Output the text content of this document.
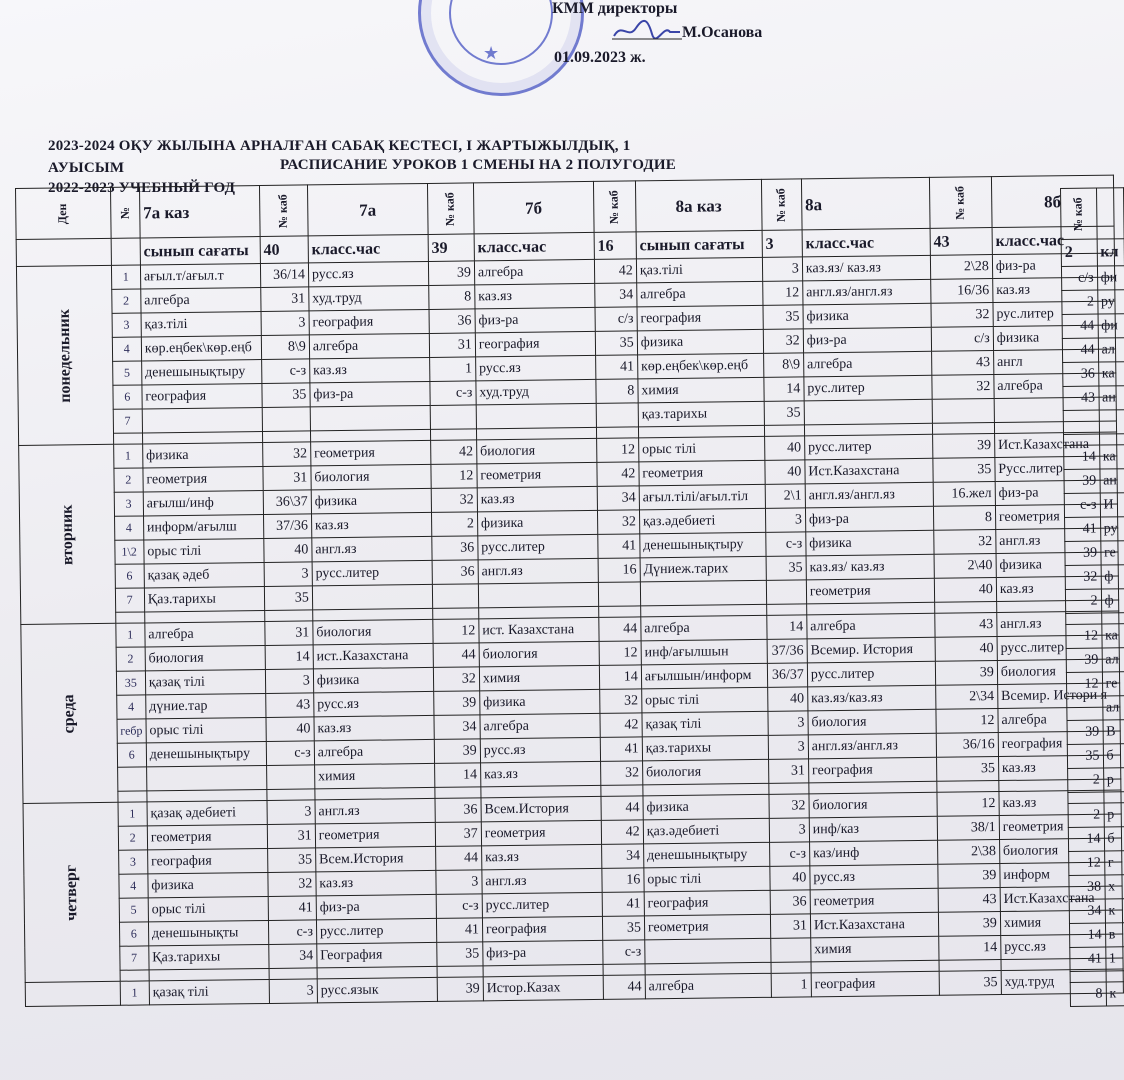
★
КММ директоры
М.Осанова
01.09.2023 ж.
2023-2024 ОҚУ ЖЫЛЫНА АРНАЛҒАН САБАҚ КЕСТЕСІ, І ЖАРТЫЖЫЛДЫҚ, 1
АУЫСЫМ	РАСПИСАНИЕ УРОКОВ 1 СМЕНЫ НА 2 ПОЛУГОДИЕ
2022-2023 УЧЕБНЫЙ ГОД
Ден	№	7а каз	№ каб	7а	№ каб	7б	№ каб	8а каз	№ каб	8а	№ каб	8б
		сынып сағаты	40	класс.час	39	класс.час	16	сынып сағаты	3	класс.час	43	класс.час
понедельник	1	ағыл.т/ағыл.т	36/14	русс.яз	39	алгебра	42	қаз.тілі	3	каз.яз/ каз.яз	2\28	физ-ра
	2	алгебра	31	худ.труд	8	каз.яз	34	алгебра	12	англ.яз/англ.яз	16/36	каз.яз
	3	қаз.тілі	3	география	36	физ-ра	с/з	география	35	физика	32	рус.литер
	4	көр.еңбек\көр.еңб	8\9	алгебра	31	география	35	физика	32	физ-ра	с/з	физика
	5	денешынықтыру	с-з	каз.яз	1	русс.яз	41	көр.еңбек\көр.еңб	8\9	алгебра	43	англ
	6	география	35	физ-ра	с-з	худ.труд	8	химия	14	рус.литер	32	алгебра
	7							қаз.тарихы	35			

вторник	1	физика	32	геометрия	42	биология	12	орыс тілі	40	русс.литер	39	Ист.Казахстана
	2	геометрия	31	биология	12	геометрия	42	геометрия	40	Ист.Казахстана	35	Русс.литер
	3	ағылш/инф	36\37	физика	32	каз.яз	34	ағыл.тілі/ағыл.тіл	2\1	англ.яз/англ.яз	16.жел	физ-ра
	4	информ/ағылш	37/36	каз.яз	2	физика	32	қаз.әдебиеті	3	физ-ра	8	геометрия
	1\2	орыс тілі	40	англ.яз	36	русс.литер	41	денешынықтыру	с-з	физика	32	англ.яз
	6	қазақ әдеб	3	русс.литер	36	англ.яз	16	Дүниеж.тарих	35	каз.яз/ каз.яз	2\40	физика
	7	Қаз.тарихы	35							геометрия	40	каз.яз

среда	1	алгебра	31	биология	12	ист. Казахстана	44	алгебра	14	алгебра	43	англ.яз
	2	биология	14	ист..Казахстана	44	биология	12	инф/ағылшын	37/36	Всемир. История	40	русс.литер
	35	қазақ тілі	3	физика	32	химия	14	ағылшын/информ	36/37	русс.литер	39	биология
	4	дүние.тар	43	русс.яз	39	физика	32	орыс тілі	40	каз.яз/каз.яз	2\34	Всемир. Истори я
	гебр	орыс тілі	40	каз.яз	34	алгебра	42	қазақ тілі	3	биология	12	алгебра
	6	денешынықтыру	с-з	алгебра	39	русс.яз	41	қаз.тарихы	3	англ.яз/англ.яз	36/16	география
				химия	14	каз.яз	32	биология	31	география	35	каз.яз

четверг	1	қазақ әдебиеті	3	англ.яз	36	Всем.История	44	физика	32	биология	12	каз.яз
	2	геометрия	31	геометрия	37	геометрия	42	қаз.әдебиеті	3	инф/каз	38/1	геометрия
	3	география	35	Всем.История	44	каз.яз	34	денешынықтыру	с-з	каз/инф	2\38	биология
	4	физика	32	каз.яз	3	англ.яз	16	орыс тілі	40	русс.яз	39	информ
	5	орыс тілі	41	физ-ра	с-з	русс.литер	41	география	36	геометрия	43	Ист.Казахстана
	6	денешынықты	с-з	русс.литер	41	география	35	геометрия	31	Ист.Казахстана	39	химия
	7	Қаз.тарихы	34	География	35	физ-ра	с-з			химия	14	русс.яз

	1	қазақ тілі	3	русс.язык	39	Истор.Казах	44	алгебра	1	география	35	худ.труд
№ каб	
2	кл
с/з	фи
2	ру
44	фи
44	ал
36	ка
43	ан

14	ка
39	ан
с-з	И
41	ру
39	ге
32	ф
2	ф

12	ка
39	ал
12	ге
	ал
39	В
35	б
2	р

2	р
14	б
12	г
38	х
34	к
14	в
41	1

8	к
